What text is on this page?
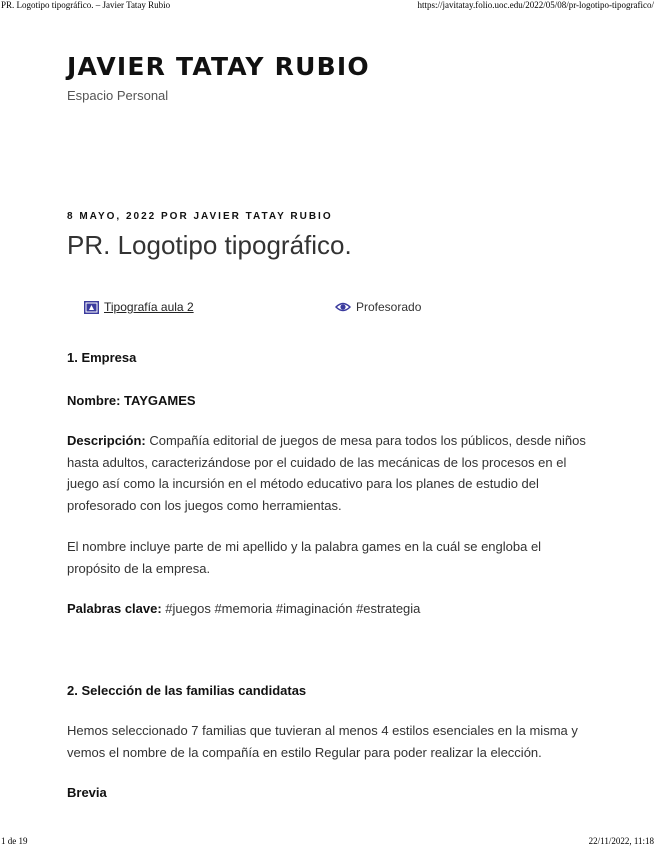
PR. Logotipo tipográfico. – Javier Tatay Rubio	https://javitatay.folio.uoc.edu/2022/05/08/pr-logotipo-tipografico/
JAVIER TATAY RUBIO
Espacio Personal
8 MAYO, 2022 POR JAVIER TATAY RUBIO
PR. Logotipo tipográfico.
Tipografía aula 2	Profesorado

1. Empresa

Nombre: TAYGAMES

Descripción: Compañía editorial de juegos de mesa para todos los públicos, desde niños hasta adultos, caracterizándose por el cuidado de las mecánicas de los procesos en el juego así como la incursión en el método educativo para los planes de estudio del profesorado con los juegos como herramientas.

El nombre incluye parte de mi apellido y la palabra games en la cuál se engloba el propósito de la empresa.

Palabras clave: #juegos #memoria #imaginación #estrategia

2. Selección de las familias candidatas

Hemos seleccionado 7 familias que tuvieran al menos 4 estilos esenciales en la misma y vemos el nombre de la compañía en estilo Regular para poder realizar la elección.

Brevia

1 de 19	22/11/2022, 11:18
